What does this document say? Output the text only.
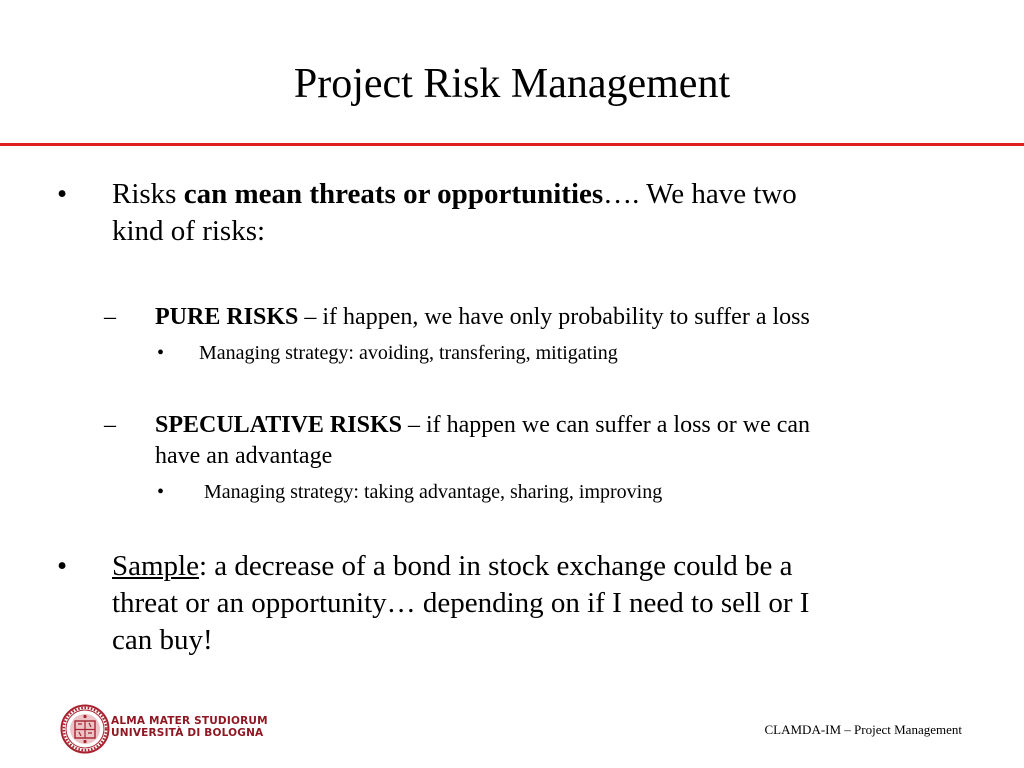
Project Risk Management
• Risks can mean threats or opportunities…. We have two
kind of risks:
– PURE RISKS – if happen, we have only probability to suffer a loss
• Managing strategy: avoiding, transfering, mitigating
– SPECULATIVE RISKS – if happen we can suffer a loss or we can
have an advantage
• Managing strategy: taking advantage, sharing, improving
• Sample: a decrease of a bond in stock exchange could be a
threat or an opportunity… depending on if I need to sell or I
can buy!
ALMA MATER STUDIORUM
UNIVERSITÀ DI BOLOGNA	CLAMDA-IM – Project Management
